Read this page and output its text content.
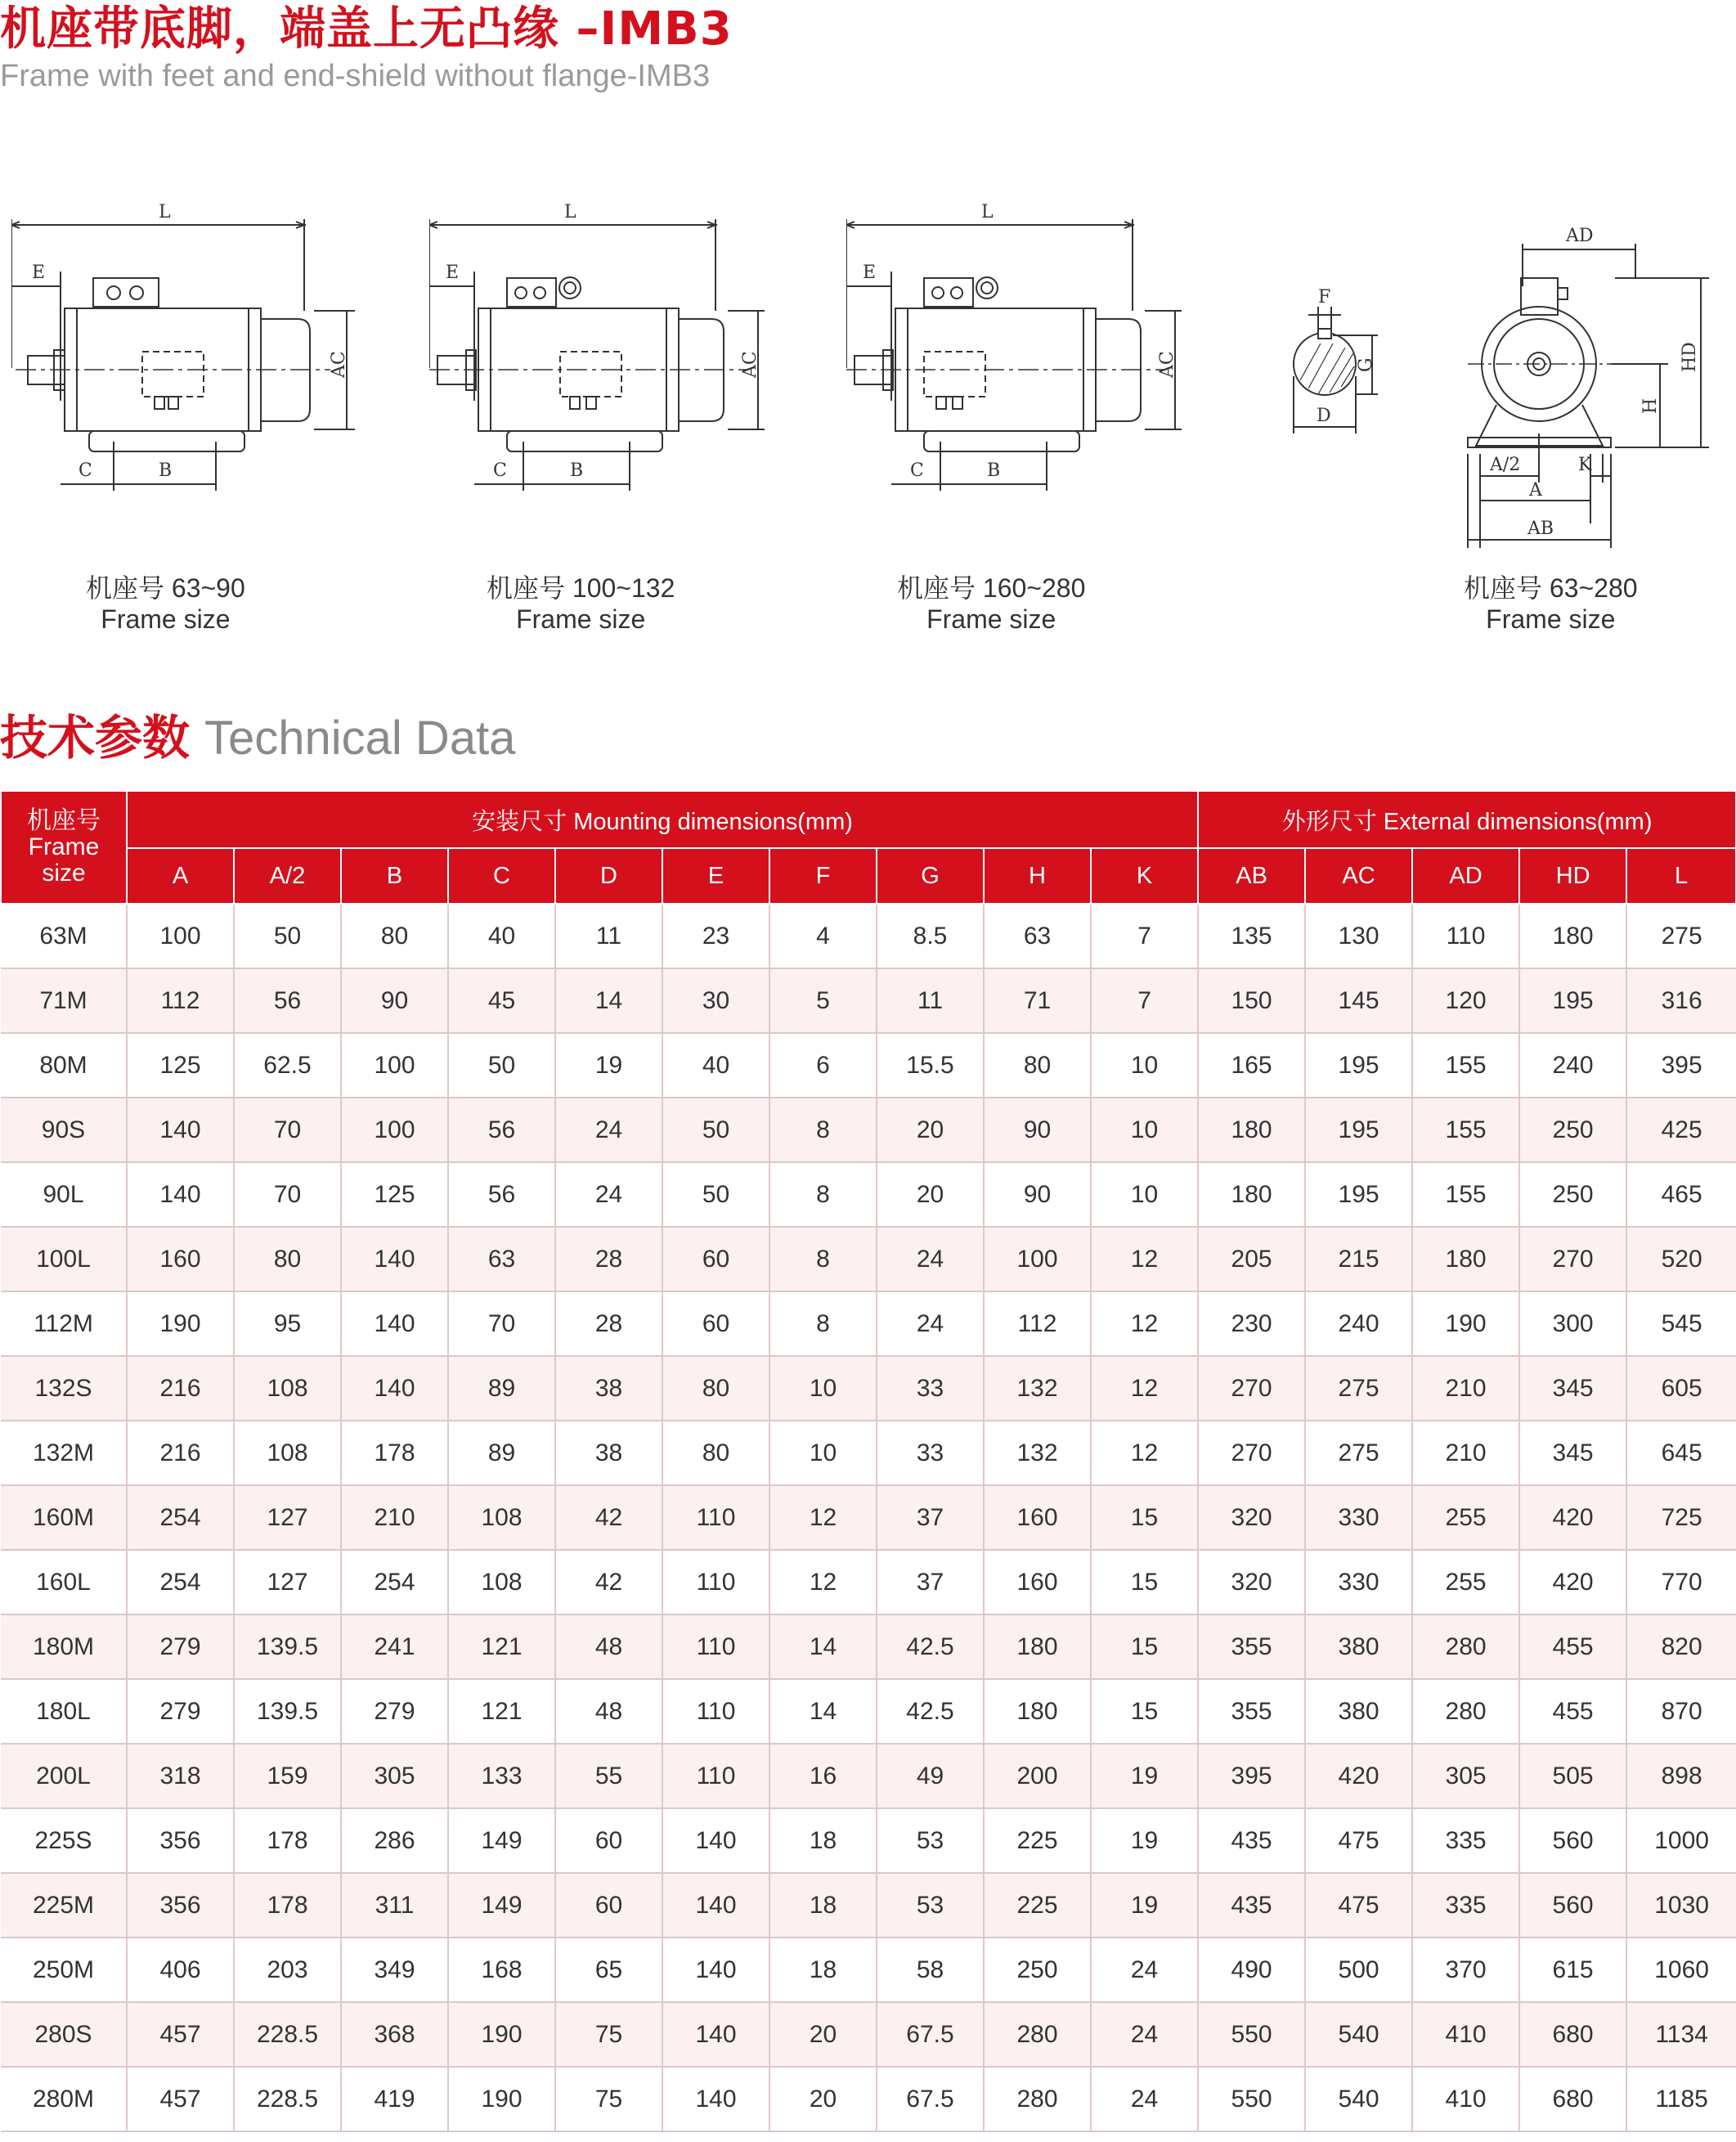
机座带底脚，端盖上无凸缘 –IMB3
Frame with feet and end-shield without flange-IMB3
L
E
AC
C	B
机座号 63~90
Frame size
L
E
AC
C	B
机座号 100~132
Frame size
L
E
AC
C	B
机座号 160~280
Frame size
F
D
G
AD
HD
H
A/2	K
A
AB
机座号 63~280
Frame size
技术参数 Technical Data
机座号
Frame
size	安装尺寸 Mounting dimensions(mm)										外形尺寸 External dimensions(mm)				
	A	A/2	B	C	D	E	F	G	H	K	AB	AC	AD	HD	L
63M	100	50	80	40	11	23	4	8.5	63	7	135	130	110	180	275
71M	112	56	90	45	14	30	5	11	71	7	150	145	120	195	316
80M	125	62.5	100	50	19	40	6	15.5	80	10	165	195	155	240	395
90S	140	70	100	56	24	50	8	20	90	10	180	195	155	250	425
90L	140	70	125	56	24	50	8	20	90	10	180	195	155	250	465
100L	160	80	140	63	28	60	8	24	100	12	205	215	180	270	520
112M	190	95	140	70	28	60	8	24	112	12	230	240	190	300	545
132S	216	108	140	89	38	80	10	33	132	12	270	275	210	345	605
132M	216	108	178	89	38	80	10	33	132	12	270	275	210	345	645
160M	254	127	210	108	42	110	12	37	160	15	320	330	255	420	725
160L	254	127	254	108	42	110	12	37	160	15	320	330	255	420	770
180M	279	139.5	241	121	48	110	14	42.5	180	15	355	380	280	455	820
180L	279	139.5	279	121	48	110	14	42.5	180	15	355	380	280	455	870
200L	318	159	305	133	55	110	16	49	200	19	395	420	305	505	898
225S	356	178	286	149	60	140	18	53	225	19	435	475	335	560	1000
225M	356	178	311	149	60	140	18	53	225	19	435	475	335	560	1030
250M	406	203	349	168	65	140	18	58	250	24	490	500	370	615	1060
280S	457	228.5	368	190	75	140	20	67.5	280	24	550	540	410	680	1134
280M	457	228.5	419	190	75	140	20	67.5	280	24	550	540	410	680	1185
